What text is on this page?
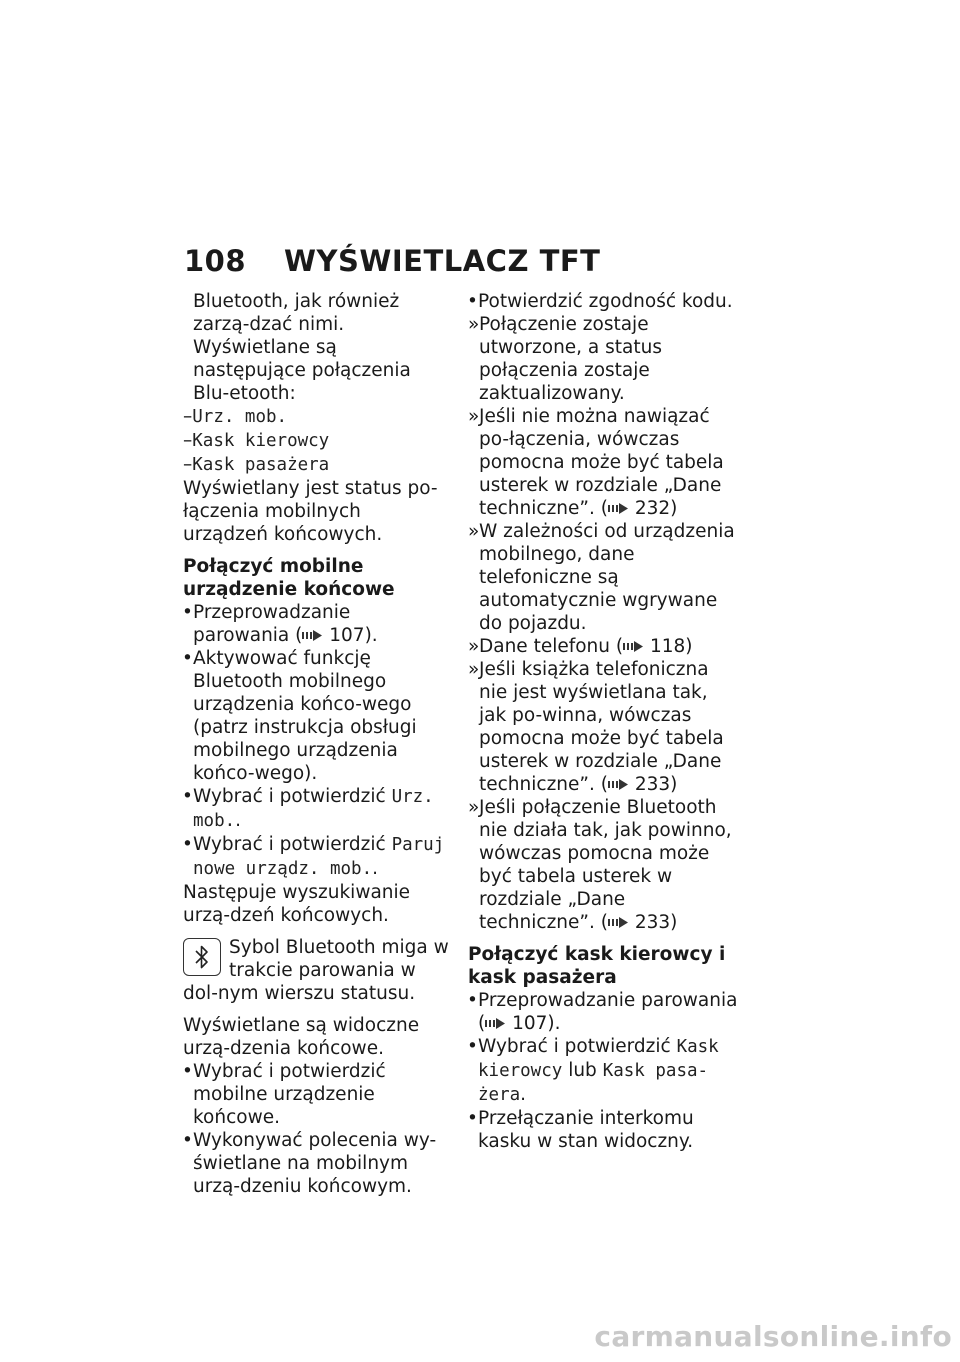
108 WYŚWIETLACZ TFT

Bluetooth, jak również zarzą-dzać nimi. Wyświetlane są następujące połączenia Blu-etooth:

–Urz. mob.

–Kask kierowcy

–Kask pasażera

Wyświetlany jest status po-łączenia mobilnych urządzeń końcowych.

Połączyć mobilne urządzenie końcowe

• Przeprowadzanie parowania ( 107).

• Aktywować funkcję Bluetooth mobilnego urządzenia końco-wego (patrz instrukcja obsługi mobilnego urządzenia końco-wego).

• Wybrać i potwierdzić Urz. mob..

• Wybrać i potwierdzić Paruj nowe urządz. mob..

Następuje wyszukiwanie urzą-dzeń końcowych.

Sybol Bluetooth miga w trakcie parowania w dol-nym wierszu statusu.

Wyświetlane są widoczne urzą-dzenia końcowe.

• Wybrać i potwierdzić mobilne urządzenie końcowe.

• Wykonywać polecenia wy-świetlane na mobilnym urzą-dzeniu końcowym.

• Potwierdzić zgodność kodu.

» Połączenie zostaje utworzone, a status połączenia zostaje zaktualizowany.

» Jeśli nie można nawiązać po-łączenia, wówczas pomocna może być tabela usterek w rozdziale „Dane techniczne”. ( 232)

» W zależności od urządzenia mobilnego, dane telefoniczne są automatycznie wgrywane do pojazdu.

» Dane telefonu ( 118)

» Jeśli książka telefoniczna nie jest wyświetlana tak, jak po-winna, wówczas pomocna może być tabela usterek w rozdziale „Dane techniczne”. ( 233)

» Jeśli połączenie Bluetooth nie działa tak, jak powinno, wówczas pomocna może być tabela usterek w rozdziale „Dane techniczne”. ( 233)

Połączyć kask kierowcy i kask pasażera

• Przeprowadzanie parowania ( 107).

• Wybrać i potwierdzić Kask kierowcy lub Kask pasa-żera.

• Przełączanie interkomu kasku w stan widoczny.

carmanualsonline.info
